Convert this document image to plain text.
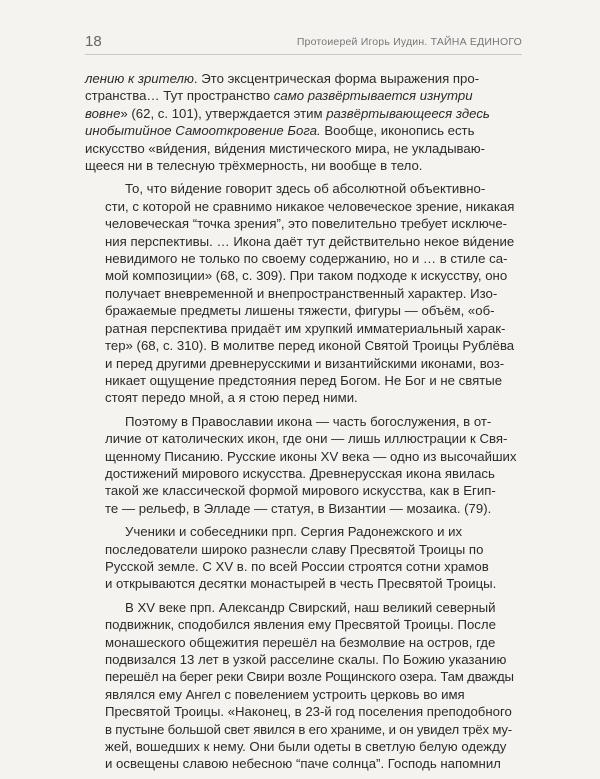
18	Протоиерей Игорь Иудин. ТАЙНА ЕДИНОГО

лению к зрителю. Это эксцентрическая форма выражения про-
странства… Тут пространство само развёртывается изнутри
вовне» (62, с. 101), утверждается этим развёртывающееся здесь
инобытийное Самооткровение Бога. Вообще, иконопись есть
искусство «ви́дения, ви́дения мистического мира, не укладываю-
щееся ни в телесную трёхмерность, ни вообще в тело.

То, что ви́дение говорит здесь об абсолютной объективно-
сти, с которой не сравнимо никакое человеческое зрение, никакая
человеческая “точка зрения”, это повелительно требует исключе-
ния перспективы. … Икона даёт тут действительно некое ви́дение
невидимого не только по своему содержанию, но и … в стиле са-
мой композиции» (68, с. 309). При таком подходе к искусству, оно
получает вневременной и внепространственный характер. Изо-
бражаемые предметы лишены тяжести, фигуры — объём, «об-
ратная перспектива придаёт им хрупкий имматериальный харак-
тер» (68, с. 310). В молитве перед иконой Святой Троицы Рублёва
и перед другими древнерусскими и византийскими иконами, воз-
никает ощущение предстояния перед Богом. Не Бог и не святые
стоят передо мной, а я стою перед ними.

Поэтому в Православии икона — часть богослужения, в от-
личие от католических икон, где они — лишь иллюстрации к Свя-
щенному Писанию. Русские иконы XV века — одно из высочайших
достижений мирового искусства. Древнерусская икона явилась
такой же классической формой мирового искусства, как в Егип-
те — рельеф, в Элладе — статуя, в Византии — мозаика. (79).

Ученики и собеседники прп. Сергия Радонежского и их
последователи широко разнесли славу Пресвятой Троицы по
Русской земле. С XV в. по всей России строятся сотни храмов
и открываются десятки монастырей в честь Пресвятой Троицы.

В XV веке прп. Александр Свирский, наш великий северный
подвижник, сподобился явления ему Пресвятой Троицы. После
монашеского общежития перешёл на безмолвие на остров, где
подвизался 13 лет в узкой расселине скалы. По Божию указанию
перешёл на берег реки Свири возле Рощинского озера. Там дважды
являлся ему Ангел с повелением устроить церковь во имя
Пресвятой Троицы. «Наконец, в 23-й год поселения преподобного
в пустыне большой свет явился в его хранимe, и он увидел трёх му-
жей, вошедших к нему. Они были одеты в светлую белую одежду
и освещены славою небесною “паче солнца”. Господь напомнил
